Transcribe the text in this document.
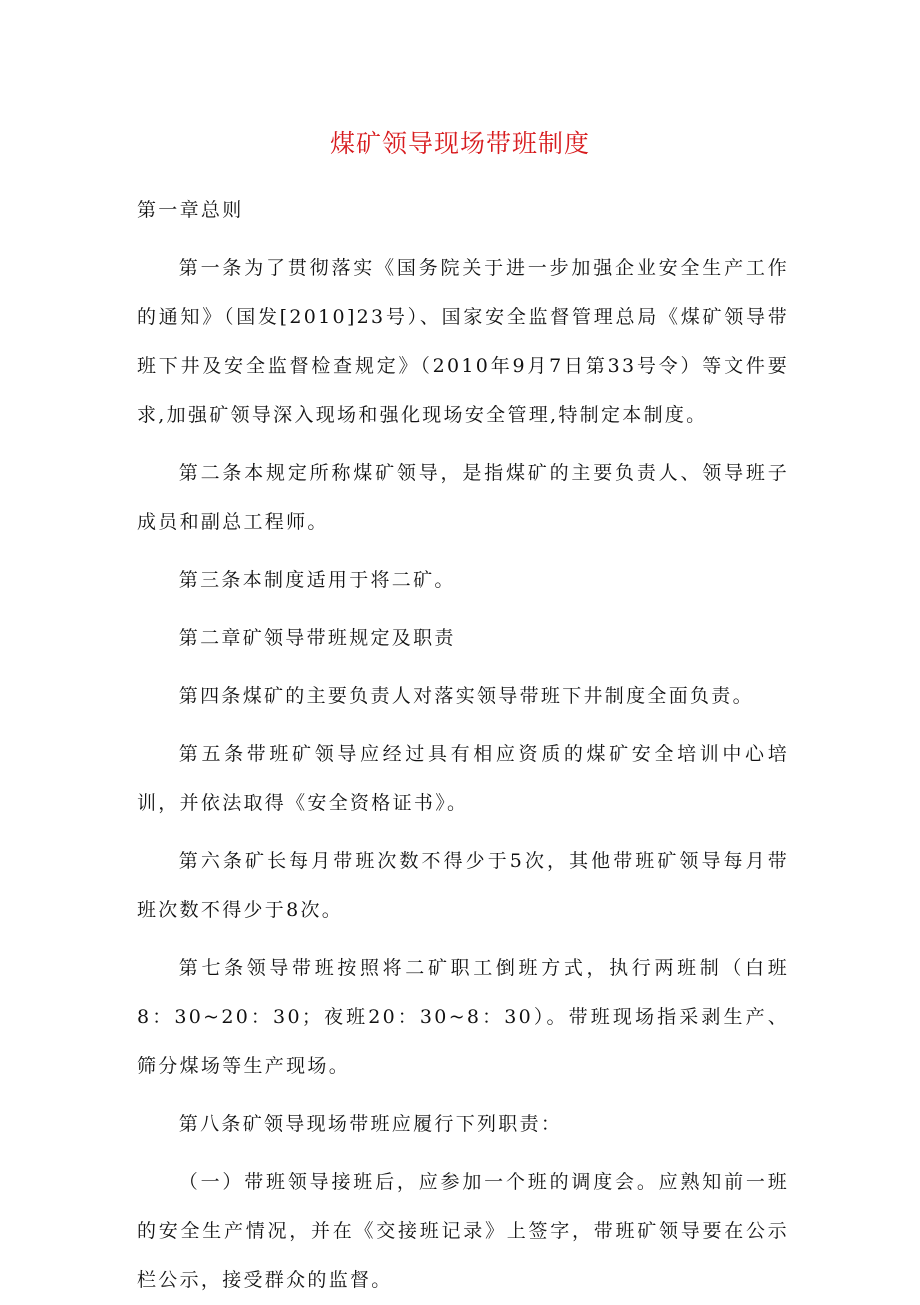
煤矿领导现场带班制度

第一章总则

第一条为了贯彻落实《国务院关于进一步加强企业安全生产工作的通知》（国发[2010]23号）、国家安全监督管理总局《煤矿领导带班下井及安全监督检查规定》（2010年9月7日第33号令）等文件要求,加强矿领导深入现场和强化现场安全管理,特制定本制度。

第二条本规定所称煤矿领导，是指煤矿的主要负责人、领导班子成员和副总工程师。

第三条本制度适用于将二矿。

第二章矿领导带班规定及职责

第四条煤矿的主要负责人对落实领导带班下井制度全面负责。

第五条带班矿领导应经过具有相应资质的煤矿安全培训中心培训，并依法取得《安全资格证书》。

第六条矿长每月带班次数不得少于5次，其他带班矿领导每月带班次数不得少于8次。

第七条领导带班按照将二矿职工倒班方式，执行两班制（白班8：30~20：30；夜班20：30~8：30）。带班现场指采剥生产、筛分煤场等生产现场。

第八条矿领导现场带班应履行下列职责：

（一）带班领导接班后，应参加一个班的调度会。应熟知前一班的安全生产情况，并在《交接班记录》上签字，带班矿领导要在公示栏公示，接受群众的监督。
